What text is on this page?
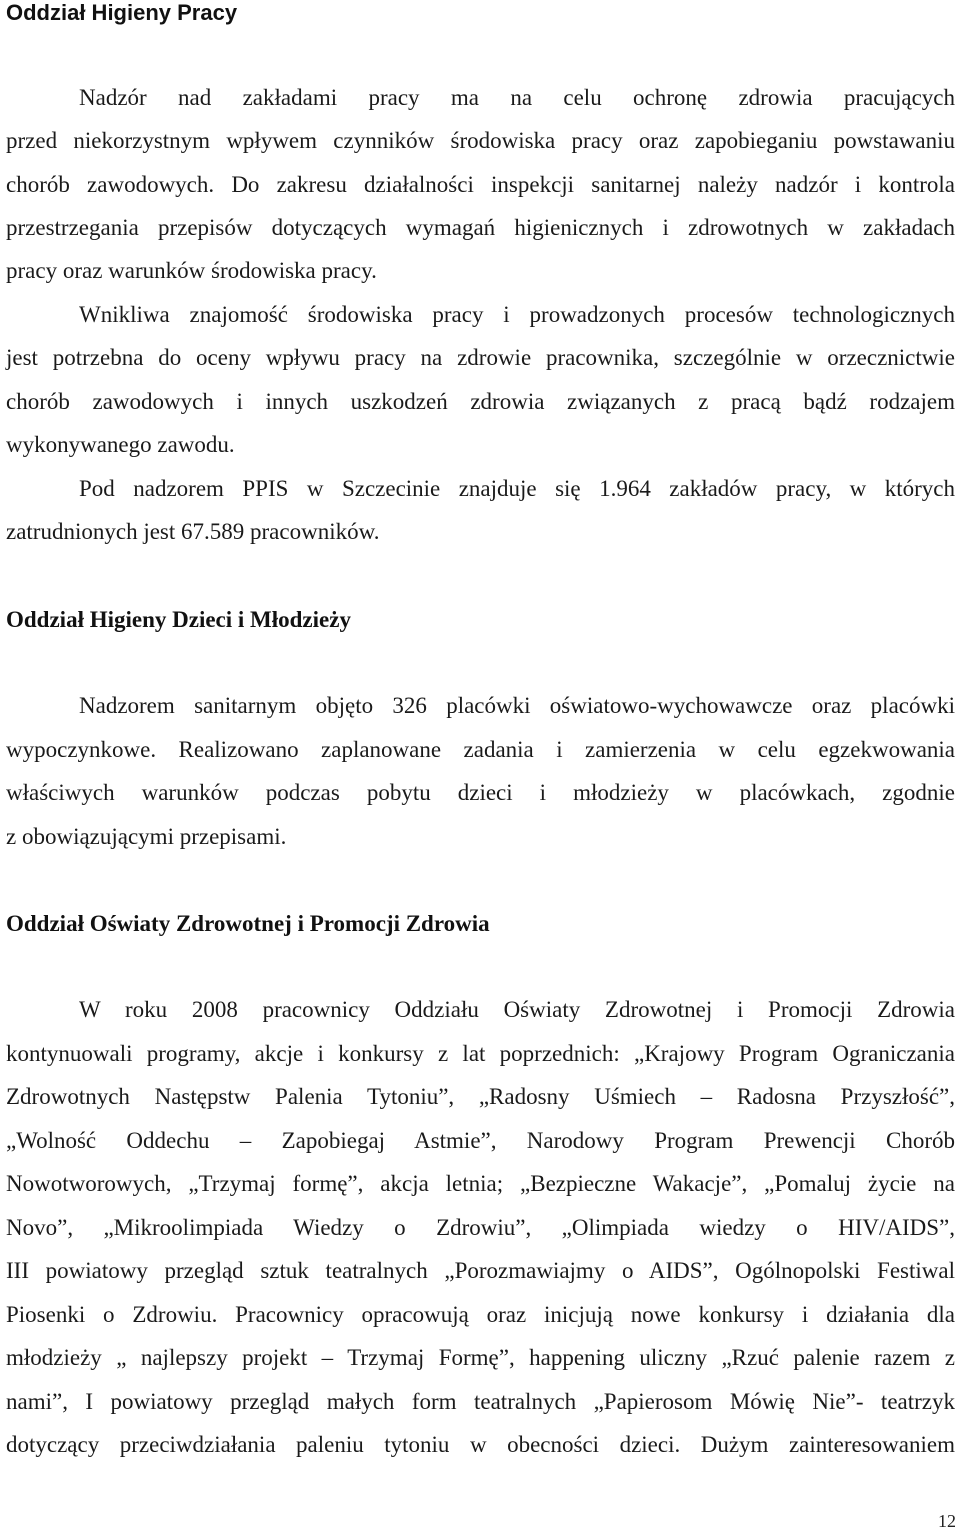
Oddział Higieny Pracy

Nadzór nad zakładami pracy ma na celu ochronę zdrowia pracujących

przed niekorzystnym wpływem czynników środowiska pracy oraz zapobieganiu powstawaniu

chorób zawodowych. Do zakresu działalności inspekcji sanitarnej należy nadzór i kontrola

przestrzegania przepisów dotyczących wymagań higienicznych i zdrowotnych w zakładach

pracy oraz warunków środowiska pracy.

Wnikliwa znajomość środowiska pracy i prowadzonych procesów technologicznych

jest potrzebna do oceny wpływu pracy na zdrowie pracownika, szczególnie w orzecznictwie

chorób zawodowych i innych uszkodzeń zdrowia związanych z pracą bądź rodzajem

wykonywanego zawodu.

Pod nadzorem PPIS w Szczecinie znajduje się 1.964 zakładów pracy, w których

zatrudnionych jest 67.589 pracowników.

Oddział Higieny Dzieci i Młodzieży

Nadzorem sanitarnym objęto 326 placówki oświatowo-wychowawcze oraz placówki

wypoczynkowe. Realizowano zaplanowane zadania i zamierzenia w celu egzekwowania

właściwych warunków podczas pobytu dzieci i młodzieży w placówkach, zgodnie

z obowiązującymi przepisami.

Oddział Oświaty Zdrowotnej i Promocji Zdrowia

W roku 2008 pracownicy Oddziału Oświaty Zdrowotnej i Promocji Zdrowia

kontynuowali programy, akcje i konkursy z lat poprzednich: „Krajowy Program Ograniczania

Zdrowotnych Następstw Palenia Tytoniu”, „Radosny Uśmiech – Radosna Przyszłość”,

„Wolność Oddechu – Zapobiegaj Astmie”, Narodowy Program Prewencji Chorób

Nowotworowych, „Trzymaj formę”, akcja letnia; „Bezpieczne Wakacje”, „Pomaluj życie na

Novo”, „Mikroolimpiada Wiedzy o Zdrowiu”, „Olimpiada wiedzy o HIV/AIDS”,

III powiatowy przegląd sztuk teatralnych „Porozmawiajmy o AIDS”, Ogólnopolski Festiwal

Piosenki o Zdrowiu. Pracownicy opracowują oraz inicjują nowe konkursy i działania dla

młodzieży „ najlepszy projekt – Trzymaj Formę”, happening uliczny „Rzuć palenie razem z

nami”, I powiatowy przegląd małych form teatralnych „Papierosom Mówię Nie”- teatrzyk

dotyczący przeciwdziałania paleniu tytoniu w obecności dzieci. Dużym zainteresowaniem

12
